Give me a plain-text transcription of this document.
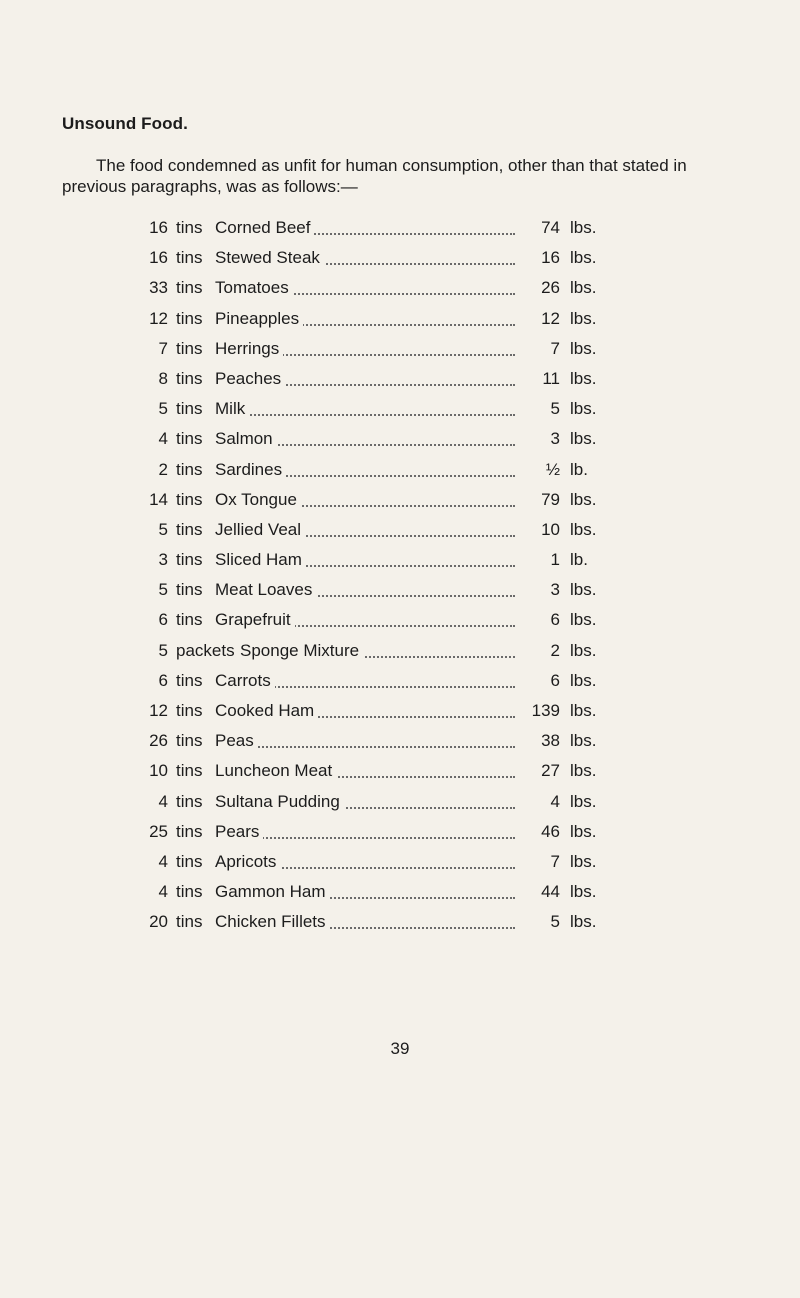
Unsound Food.
The food condemned as unfit for human consumption, other than that stated in previous paragraphs, was as follows:—
16 tins Corned Beef .....	74 lbs.
16 tins Stewed Steak .....	16 lbs.
33 tins Tomatoes .....	26 lbs.
12 tins Pineapples .....	12 lbs.
7 tins Herrings .....	7 lbs.
8 tins Peaches .....	11 lbs.
5 tins Milk .....	5 lbs.
4 tins Salmon .....	3 lbs.
2 tins Sardines .....	½ lb.
14 tins Ox Tongue .....	79 lbs.
5 tins Jellied Veal .....	10 lbs.
3 tins Sliced Ham .....	1 lb.
5 tins Meat Loaves .....	3 lbs.
6 tins Grapefruit .....	6 lbs.
5 packets Sponge Mixture .....	2 lbs.
6 tins Carrots .....	6 lbs.
12 tins Cooked Ham .....	139 lbs.
26 tins Peas .....	38 lbs.
10 tins Luncheon Meat .....	27 lbs.
4 tins Sultana Pudding .....	4 lbs.
25 tins Pears .....	46 lbs.
4 tins Apricots .....	7 lbs.
4 tins Gammon Ham .....	44 lbs.
20 tins Chicken Fillets .....	5 lbs.
39
